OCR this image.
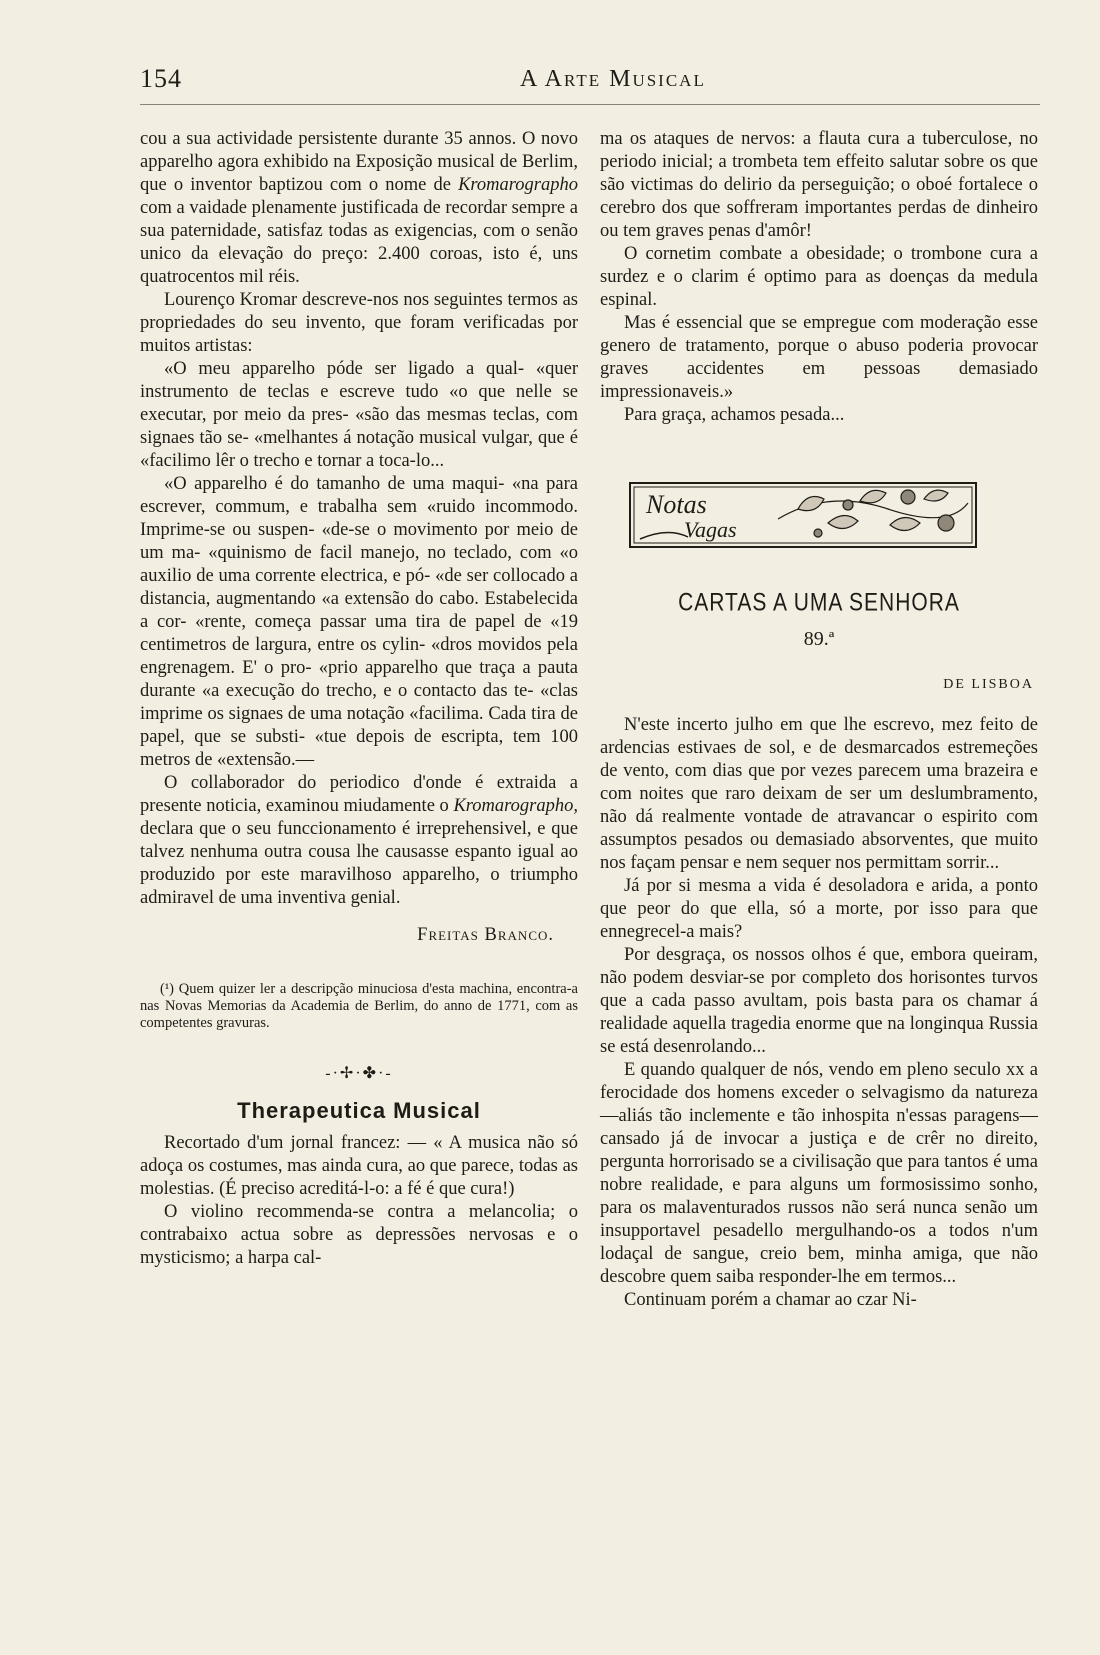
154	A Arte Musical

cou a sua actividade persistente durante 35 annos. O novo apparelho agora exhibido na Exposição musical de Berlim, que o inventor baptizou com o nome de Kromarographo com a vaidade plenamente justificada de recordar sempre a sua paternidade, satisfaz todas as exigencias, com o senão unico da elevação do preço: 2.400 coroas, isto é, uns quatrocentos mil réis.

Lourenço Kromar descreve-nos nos seguintes termos as propriedades do seu invento, que foram verificadas por muitos artistas:

«O meu apparelho póde ser ligado a qual- «quer instrumento de teclas e escreve tudo «o que nelle se executar, por meio da pres- «são das mesmas teclas, com signaes tão se- «melhantes á notação musical vulgar, que é «facilimo lêr o trecho e tornar a toca-lo...

«O apparelho é do tamanho de uma maqui- «na para escrever, commum, e trabalha sem «ruido incommodo. Imprime-se ou suspen- «de-se o movimento por meio de um ma- «quinismo de facil manejo, no teclado, com «o auxilio de uma corrente electrica, e pó- «de ser collocado a distancia, augmentando «a extensão do cabo. Estabelecida a cor- «rente, começa passar uma tira de papel de «19 centimetros de largura, entre os cylin- «dros movidos pela engrenagem. E' o pro- «prio apparelho que traça a pauta durante «a execução do trecho, e o contacto das te- «clas imprime os signaes de uma notação «facilima. Cada tira de papel, que se substi- «tue depois de escripta, tem 100 metros de «extensão.—

O collaborador do periodico d'onde é extraida a presente noticia, examinou miudamente o Kromarographo, declara que o seu funccionamento é irreprehensivel, e que talvez nenhuma outra cousa lhe causasse espanto igual ao produzido por este maravilhoso apparelho, o triumpho admiravel de uma inventiva genial.

Freitas Branco.

(¹) Quem quizer ler a descripção minuciosa d'esta machina, encontra-a nas Novas Memorias da Academia de Berlim, do anno de 1771, com as competentes gravuras.

-·✢·✤·-

Therapeutica Musical

Recortado d'um jornal francez: — « A musica não só adoça os costumes, mas ainda cura, ao que parece, todas as molestias. (É preciso acreditá-l-o: a fé é que cura!)

O violino recommenda-se contra a melancolia; o contrabaixo actua sobre as depressões nervosas e o mysticismo; a harpa cal-

ma os ataques de nervos: a flauta cura a tuberculose, no periodo inicial; a trombeta tem effeito salutar sobre os que são victimas do delirio da perseguição; o oboé fortalece o cerebro dos que soffreram importantes perdas de dinheiro ou tem graves penas d'amôr!

O cornetim combate a obesidade; o trombone cura a surdez e o clarim é optimo para as doenças da medula espinal.

Mas é essencial que se empregue com moderação esse genero de tratamento, porque o abuso poderia provocar graves accidentes em pessoas demasiado impressionaveis.»

Para graça, achamos pesada...

Notas
Vagas

CARTAS A UMA SENHORA

89.ª

DE LISBOA

N'este incerto julho em que lhe escrevo, mez feito de ardencias estivaes de sol, e de desmarcados estremeções de vento, com dias que por vezes parecem uma brazeira e com noites que raro deixam de ser um deslumbramento, não dá realmente vontade de atravancar o espirito com assumptos pesados ou demasiado absorventes, que muito nos façam pensar e nem sequer nos permittam sorrir...

Já por si mesma a vida é desoladora e arida, a ponto que peor do que ella, só a morte, por isso para que ennegrecel-a mais?

Por desgraça, os nossos olhos é que, embora queiram, não podem desviar-se por completo dos horisontes turvos que a cada passo avultam, pois basta para os chamar á realidade aquella tragedia enorme que na longinqua Russia se está desenrolando...

E quando qualquer de nós, vendo em pleno seculo xx a ferocidade dos homens exceder o selvagismo da natureza—aliás tão inclemente e tão inhospita n'essas paragens—cansado já de invocar a justiça e de crêr no direito, pergunta horrorisado se a civilisação que para tantos é uma nobre realidade, e para alguns um formosissimo sonho, para os malaventurados russos não será nunca senão um insupportavel pesadello mergulhando-os a todos n'um lodaçal de sangue, creio bem, minha amiga, que não descobre quem saiba responder-lhe em termos...

Continuam porém a chamar ao czar Ni-
